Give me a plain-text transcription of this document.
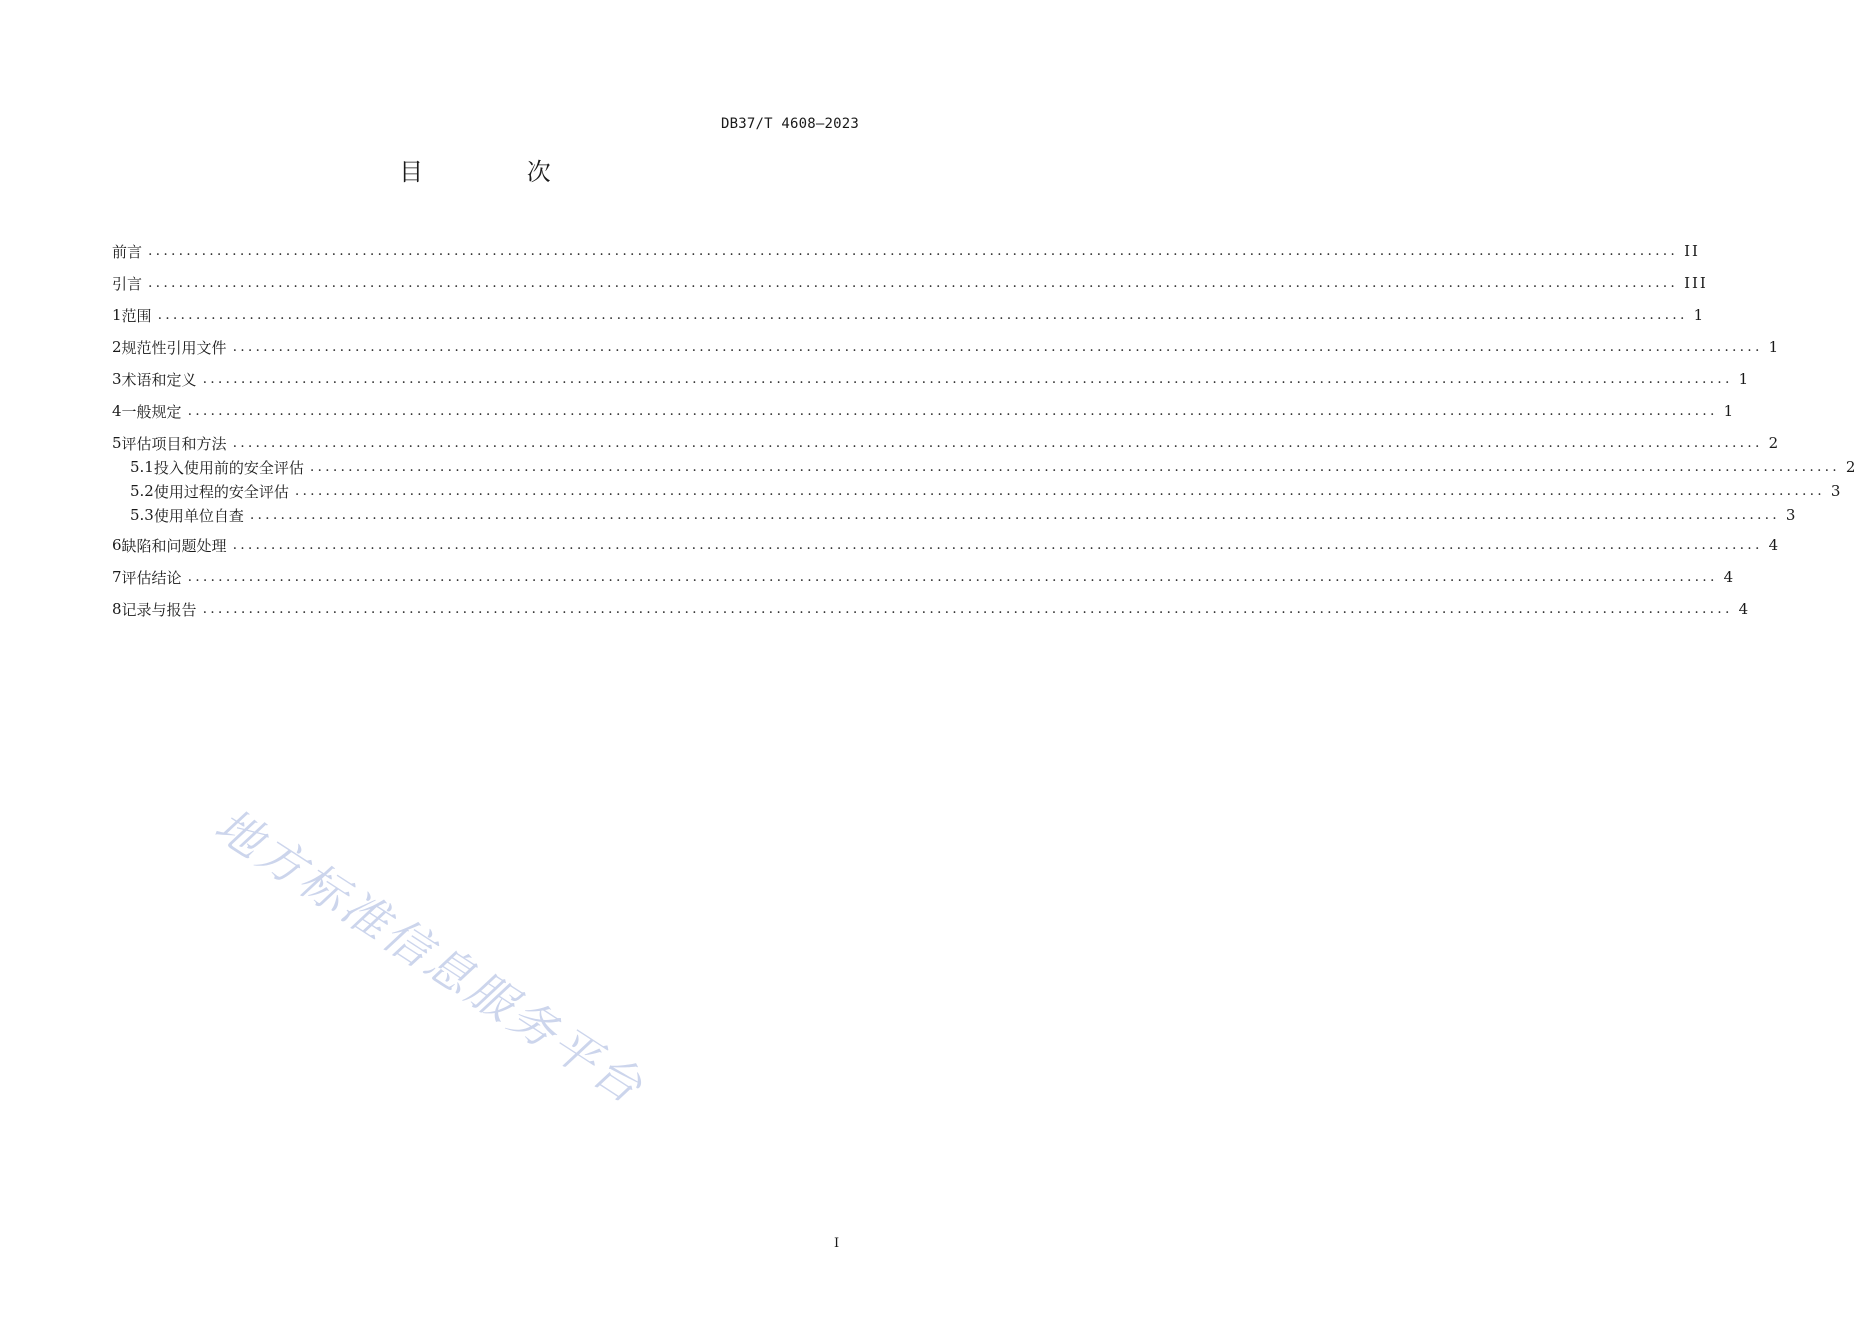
DB37/T 4608—2023
目 次
前言 ........................................................................................................................................................................................................ II
引言 ........................................................................................................................................................................................................ III
1 范围 ........................................................................................................................................................................................................ 1
2 规范性引用文件 ........................................................................................................................................................................................................ 1
3 术语和定义 ........................................................................................................................................................................................................ 1
4 一般规定 ........................................................................................................................................................................................................ 1
5 评估项目和方法 ........................................................................................................................................................................................................ 2
5.1 投入使用前的安全评估 ........................................................................................................................................................................................................ 2
5.2 使用过程的安全评估 ........................................................................................................................................................................................................ 3
5.3 使用单位自查 ........................................................................................................................................................................................................ 3
6 缺陷和问题处理 ........................................................................................................................................................................................................ 4
7 评估结论 ........................................................................................................................................................................................................ 4
8 记录与报告 ........................................................................................................................................................................................................ 4
地方标准信息服务平台
I
